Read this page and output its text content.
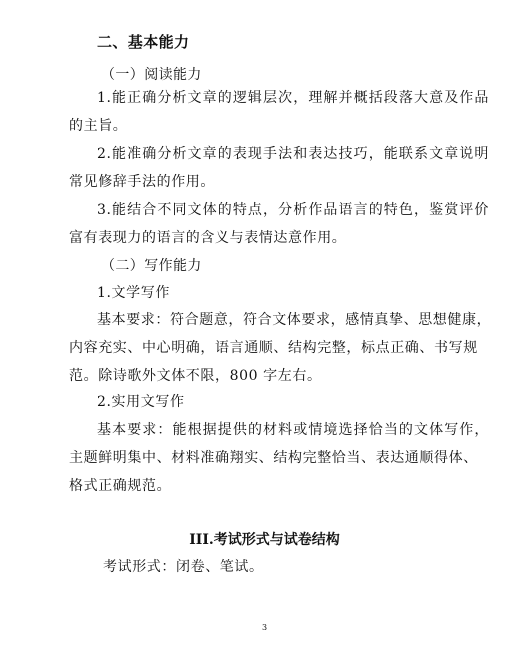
二、基本能力
（一）阅读能力
1.能正确分析文章的逻辑层次，理解并概括段落大意及作品
的主旨。
2.能准确分析文章的表现手法和表达技巧，能联系文章说明
常见修辞手法的作用。
3.能结合不同文体的特点，分析作品语言的特色，鉴赏评价
富有表现力的语言的含义与表情达意作用。
（二）写作能力
1.文学写作
基本要求：符合题意，符合文体要求，感情真挚、思想健康，
内容充实、中心明确，语言通顺、结构完整，标点正确、书写规
范。除诗歌外文体不限，800 字左右。
2.实用文写作
基本要求：能根据提供的材料或情境选择恰当的文体写作，
主题鲜明集中、材料准确翔实、结构完整恰当、表达通顺得体、
格式正确规范。
III.考试形式与试卷结构
考试形式：闭卷、笔试。
3
